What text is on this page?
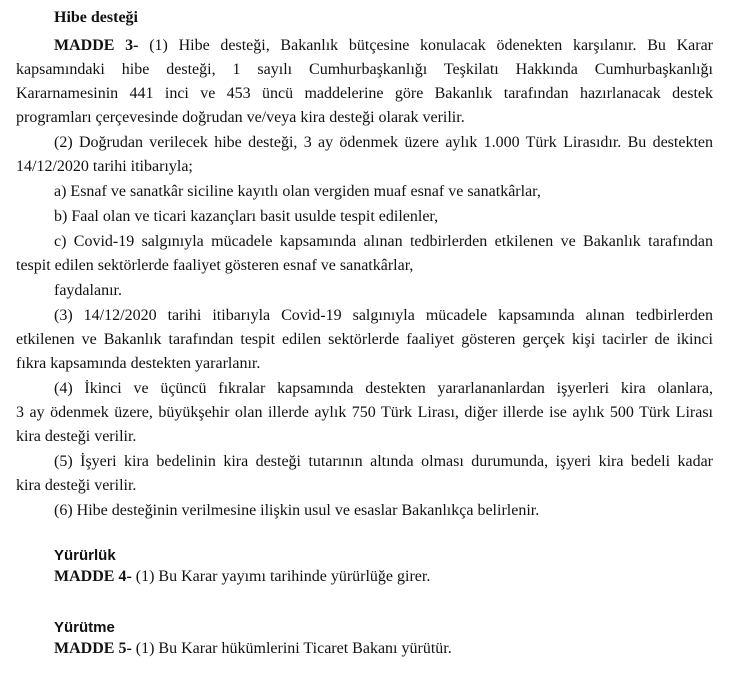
Hibe desteği
MADDE 3- (1) Hibe desteği, Bakanlık bütçesine konulacak ödenekten karşılanır. Bu Karar
kapsamındaki hibe desteği, 1 sayılı Cumhurbaşkanlığı Teşkilatı Hakkında Cumhurbaşkanlığı
Kararnamesinin 441 inci ve 453 üncü maddelerine göre Bakanlık tarafından hazırlanacak destek
programları çerçevesinde doğrudan ve/veya kira desteği olarak verilir.
(2) Doğrudan verilecek hibe desteği, 3 ay ödenmek üzere aylık 1.000 Türk Lirasıdır. Bu destekten
14/12/2020 tarihi itibarıyla;
a) Esnaf ve sanatkâr siciline kayıtlı olan vergiden muaf esnaf ve sanatkârlar,
b) Faal olan ve ticari kazançları basit usulde tespit edilenler,
c) Covid-19 salgınıyla mücadele kapsamında alınan tedbirlerden etkilenen ve Bakanlık tarafından
tespit edilen sektörlerde faaliyet gösteren esnaf ve sanatkârlar,
faydalanır.
(3) 14/12/2020 tarihi itibarıyla Covid-19 salgınıyla mücadele kapsamında alınan tedbirlerden
etkilenen ve Bakanlık tarafından tespit edilen sektörlerde faaliyet gösteren gerçek kişi tacirler de ikinci
fıkra kapsamında destekten yararlanır.
(4) İkinci ve üçüncü fıkralar kapsamında destekten yararlananlardan işyerleri kira olanlara,
3 ay ödenmek üzere, büyükşehir olan illerde aylık 750 Türk Lirası, diğer illerde ise aylık 500 Türk Lirası
kira desteği verilir.
(5) İşyeri kira bedelinin kira desteği tutarının altında olması durumunda, işyeri kira bedeli kadar
kira desteği verilir.
(6) Hibe desteğinin verilmesine ilişkin usul ve esaslar Bakanlıkça belirlenir.
Yürürlük
MADDE 4- (1) Bu Karar yayımı tarihinde yürürlüğe girer.
Yürütme
MADDE 5- (1) Bu Karar hükümlerini Ticaret Bakanı yürütür.
